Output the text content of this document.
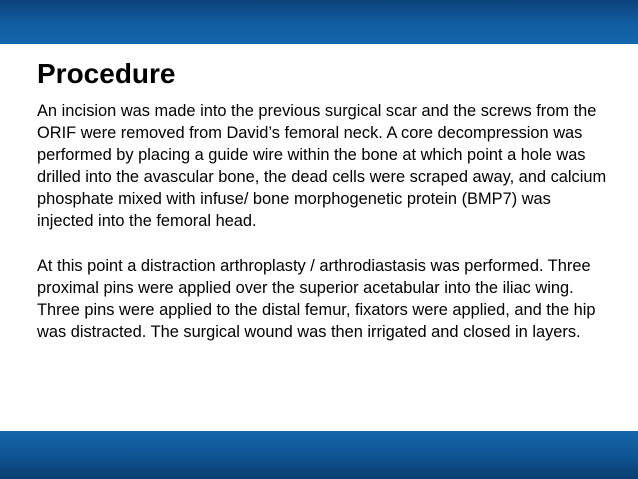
Procedure

An incision was made into the previous surgical scar and the screws from the ORIF were removed from David’s femoral neck. A core decompression was performed by placing a guide wire within the bone at which point a hole was drilled into the avascular bone, the dead cells were scraped away, and calcium phosphate mixed with infuse/ bone morphogenetic protein (BMP7) was injected into the femoral head.

At this point a distraction arthroplasty / arthrodiastasis was performed. Three proximal pins were applied over the superior acetabular into the iliac wing. Three pins were applied to the distal femur, fixators were applied, and the hip was distracted. The surgical wound was then irrigated and closed in layers.
